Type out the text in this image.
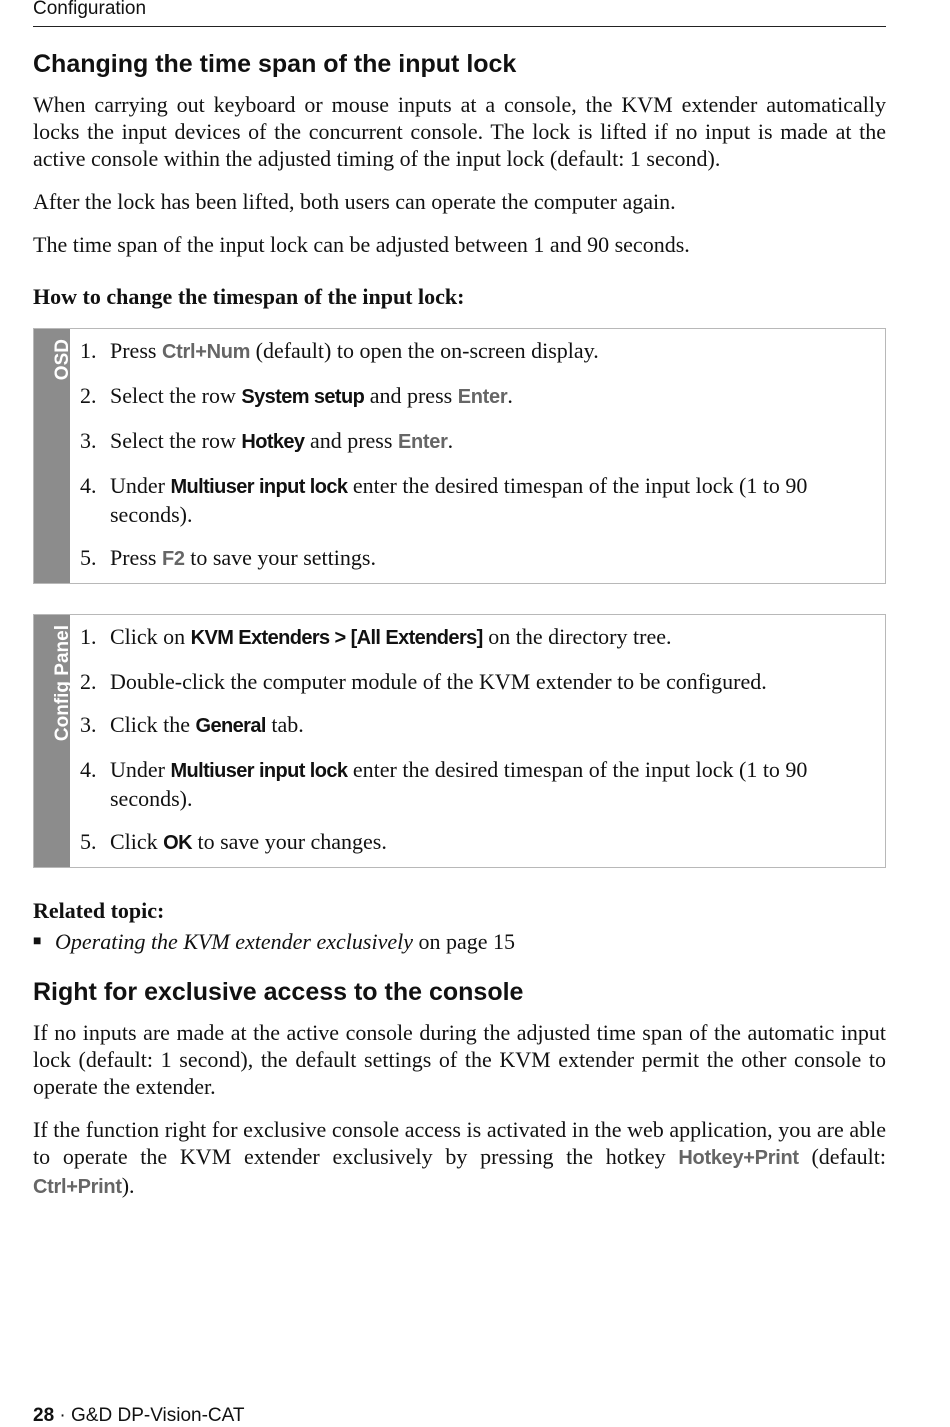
Configuration
Changing the time span of the input lock

When carrying out keyboard or mouse inputs at a console, the KVM extender automatically locks the input devices of the concurrent console. The lock is lifted if no input is made at the active console within the adjusted timing of the input lock (default: 1 second).

After the lock has been lifted, both users can operate the computer again.

The time span of the input lock can be adjusted between 1 and 90 seconds.

How to change the timespan of the input lock:
OSD 1. Press Ctrl+Num (default) to open the on-screen display.
2. Select the row System setup and press Enter.
3. Select the row Hotkey and press Enter.
4. Under Multiuser input lock enter the desired timespan of the input lock (1 to 90 seconds).
5. Press F2 to save your settings.
Config Panel 1. Click on KVM Extenders > [All Extenders] on the directory tree.
2. Double-click the computer module of the KVM extender to be configured.
3. Click the General tab.
4. Under Multiuser input lock enter the desired timespan of the input lock (1 to 90 seconds).
5. Click OK to save your changes.
Related topic:
■ Operating the KVM extender exclusively on page 15
Right for exclusive access to the console

If no inputs are made at the active console during the adjusted time span of the automatic input lock (default: 1 second), the default settings of the KVM extender permit the other console to operate the extender.

If the function right for exclusive console access is activated in the web application, you are able to operate the KVM extender exclusively by pressing the hotkey Hotkey+Print (default: Ctrl+Print).

28 · G&D DP-Vision-CAT
